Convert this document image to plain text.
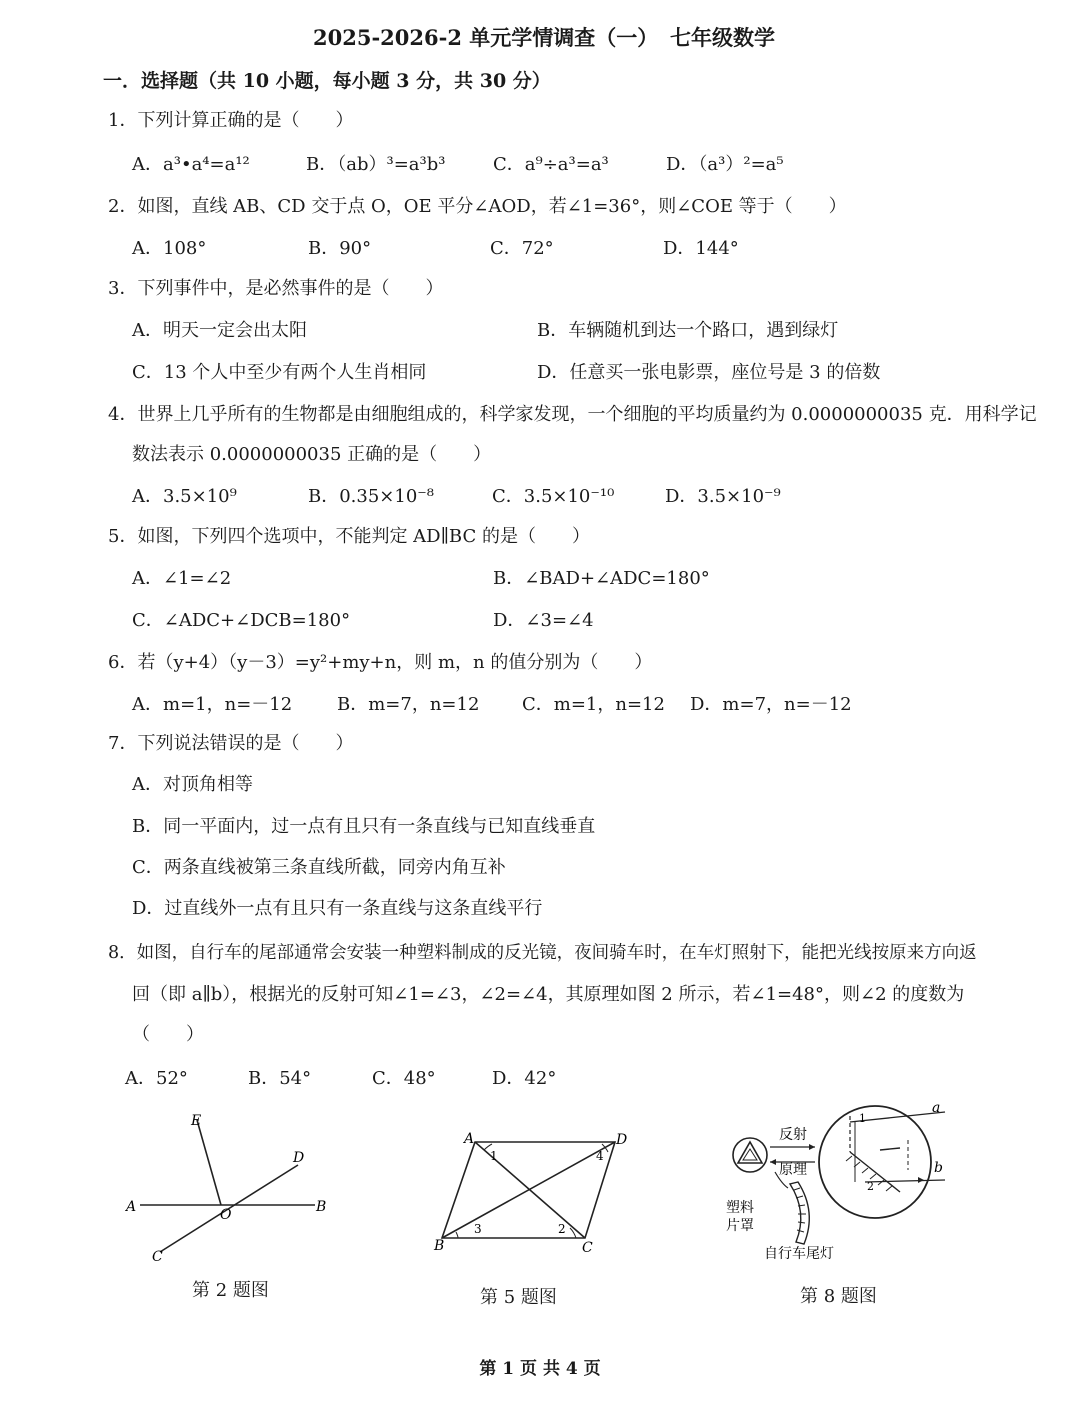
2025-2026-2 单元学情调查（一） 七年级数学
一．选择题（共 10 小题，每小题 3 分，共 30 分）
1．下列计算正确的是（　　）
A．a³•a⁴=a¹²	B．（ab）³=a³b³	C．a⁹÷a³=a³	D．（a³）²=a⁵
2．如图，直线 AB、CD 交于点 O，OE 平分∠AOD，若∠1=36°，则∠COE 等于（　　）
A．108°	B．90°	C．72°	D．144°
3．下列事件中，是必然事件的是（　　）
A．明天一定会出太阳	B．车辆随机到达一个路口，遇到绿灯
C．13 个人中至少有两个人生肖相同	D．任意买一张电影票，座位号是 3 的倍数
4．世界上几乎所有的生物都是由细胞组成的，科学家发现，一个细胞的平均质量约为 0.0000000035 克．用科学记
数法表示 0.0000000035 正确的是（　　）
A．3.5×10⁹	B．0.35×10⁻⁸	C．3.5×10⁻¹⁰	D．3.5×10⁻⁹
5．如图，下列四个选项中，不能判定 AD∥BC 的是（　　）
A．∠1=∠2	B．∠BAD+∠ADC=180°
C．∠ADC+∠DCB=180°	D．∠3=∠4
6．若（y+4）（y－3）=y²+my+n，则 m，n 的值分别为（　　）
A．m=1，n=－12 B．m=7，n=12 C．m=1，n=12 D．m=7，n=－12
7．下列说法错误的是（　　）
A．对顶角相等
B．同一平面内，过一点有且只有一条直线与已知直线垂直
C．两条直线被第三条直线所截，同旁内角互补
D．过直线外一点有且只有一条直线与这条直线平行
8．如图，自行车的尾部通常会安装一种塑料制成的反光镜，夜间骑车时，在车灯照射下，能把光线按原来方向返
回（即 a∥b），根据光的反射可知∠1=∠3，∠2=∠4，其原理如图 2 所示，若∠1=48°，则∠2 的度数为
（　　）
A．52°	B．54°	C．48°	D．42°
E
D
A	O	B
C
第 2 题图
A	D
B	C
1	4
3	2
第 5 题图
反射
原理
塑料
片罩
自行车尾灯
a
b
1
2
第 8 题图
第 1 页 共 4 页
